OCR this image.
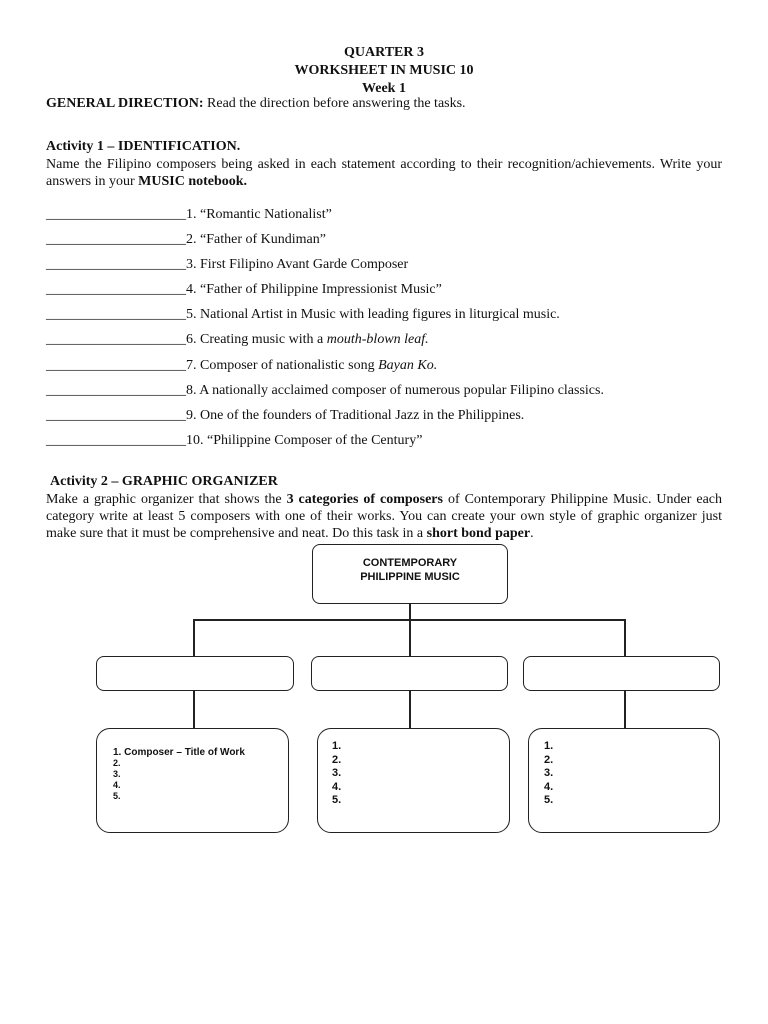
QUARTER 3
WORKSHEET IN MUSIC 10
Week 1
GENERAL DIRECTION: Read the direction before answering the tasks.
Activity 1 – IDENTIFICATION.
Name the Filipino composers being asked in each statement according to their recognition/achievements. Write your answers in your MUSIC notebook.
____________________1. “Romantic Nationalist”
____________________2. “Father of Kundiman”
____________________3. First Filipino Avant Garde Composer
____________________4. “Father of Philippine Impressionist Music”
____________________5. National Artist in Music with leading figures in liturgical music.
____________________6. Creating music with a mouth-blown leaf.
____________________7. Composer of nationalistic song Bayan Ko.
____________________8. A nationally acclaimed composer of numerous popular Filipino classics.
____________________9. One of the founders of Traditional Jazz in the Philippines.
____________________10. “Philippine Composer of the Century”
Activity 2 – GRAPHIC ORGANIZER
Make a graphic organizer that shows the 3 categories of composers of Contemporary Philippine Music. Under each category write at least 5 composers with one of their works. You can create your own style of graphic organizer just make sure that it must be comprehensive and neat. Do this task in a short bond paper.
CONTEMPORARY
PHILIPPINE MUSIC
1. Composer – Title of Work
2.
3.
4.
5.
1.
2.
3.
4.
5.
1.
2.
3.
4.
5.
